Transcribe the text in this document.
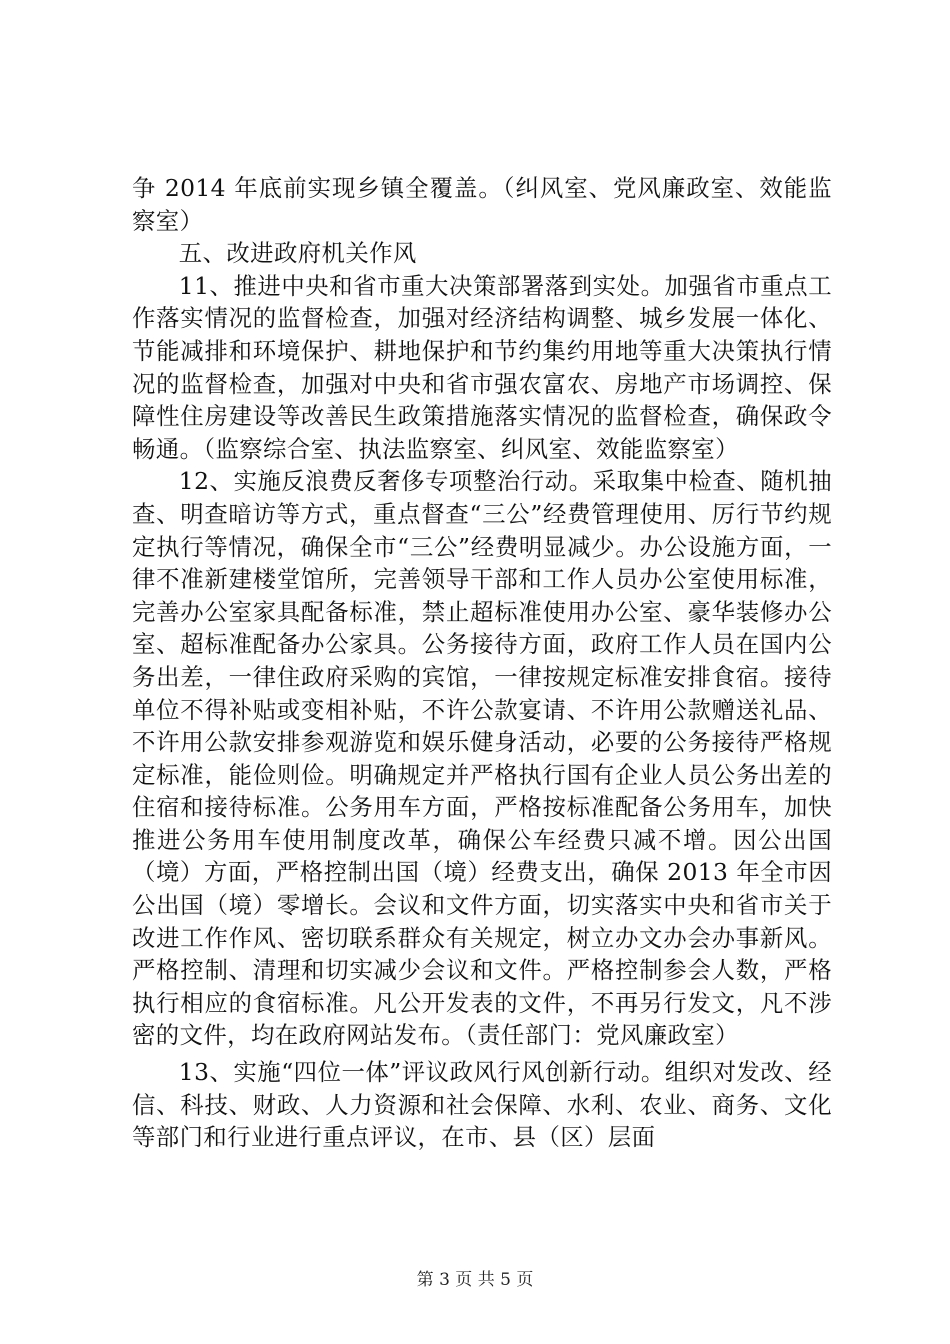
争 2014 年底前实现乡镇全覆盖。（纠风室、党风廉政室、效能监察室）

五、改进政府机关作风

11、推进中央和省市重大决策部署落到实处。加强省市重点工作落实情况的监督检查，加强对经济结构调整、城乡发展一体化、节能减排和环境保护、耕地保护和节约集约用地等重大决策执行情况的监督检查，加强对中央和省市强农富农、房地产市场调控、保障性住房建设等改善民生政策措施落实情况的监督检查，确保政令畅通。（监察综合室、执法监察室、纠风室、效能监察室）

12、实施反浪费反奢侈专项整治行动。采取集中检查、随机抽查、明查暗访等方式，重点督查“三公”经费管理使用、厉行节约规定执行等情况，确保全市“三公”经费明显减少。办公设施方面，一律不准新建楼堂馆所，完善领导干部和工作人员办公室使用标准，完善办公室家具配备标准，禁止超标准使用办公室、豪华装修办公室、超标准配备办公家具。公务接待方面，政府工作人员在国内公务出差，一律住政府采购的宾馆，一律按规定标准安排食宿。接待单位不得补贴或变相补贴，不许公款宴请、不许用公款赠送礼品、不许用公款安排参观游览和娱乐健身活动，必要的公务接待严格规定标准，能俭则俭。明确规定并严格执行国有企业人员公务出差的住宿和接待标准。公务用车方面，严格按标准配备公务用车，加快推进公务用车使用制度改革，确保公车经费只减不增。因公出国（境）方面，严格控制出国（境）经费支出，确保 2013 年全市因公出国（境）零增长。会议和文件方面，切实落实中央和省市关于改进工作作风、密切联系群众有关规定，树立办文办会办事新风。严格控制、清理和切实减少会议和文件。严格控制参会人数，严格执行相应的食宿标准。凡公开发表的文件，不再另行发文，凡不涉密的文件，均在政府网站发布。（责任部门：党风廉政室）

13、实施“四位一体”评议政风行风创新行动。组织对发改、经信、科技、财政、人力资源和社会保障、水利、农业、商务、文化等部门和行业进行重点评议，在市、县（区）层面

第 3 页 共 5 页
